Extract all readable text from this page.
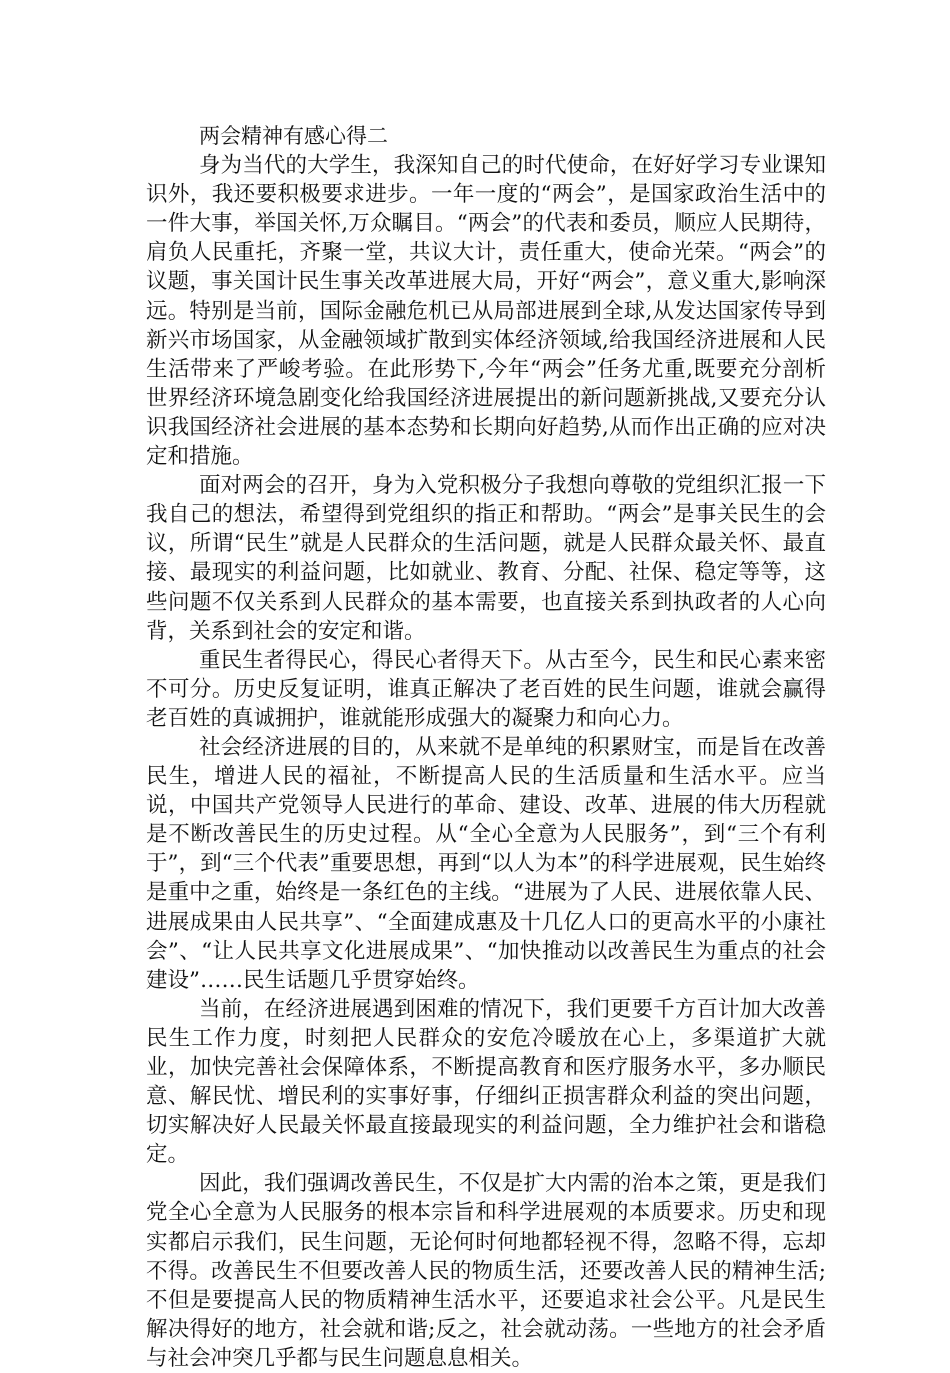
两会精神有感心得二

身为当代的大学生，我深知自己的时代使命，在好好学习专业课知识外，我还要积极要求进步。一年一度的“两会”，是国家政治生活中的一件大事，举国关怀,万众瞩目。“两会”的代表和委员，顺应人民期待，肩负人民重托，齐聚一堂，共议大计，责任重大，使命光荣。“两会”的议题，事关国计民生事关改革进展大局，开好“两会”，意义重大,影响深远。特别是当前，国际金融危机已从局部进展到全球,从发达国家传导到新兴市场国家，从金融领域扩散到实体经济领域,给我国经济进展和人民生活带来了严峻考验。在此形势下,今年“两会”任务尤重,既要充分剖析世界经济环境急剧变化给我国经济进展提出的新问题新挑战,又要充分认识我国经济社会进展的基本态势和长期向好趋势,从而作出正确的应对决定和措施。

面对两会的召开，身为入党积极分子我想向尊敬的党组织汇报一下我自己的想法，希望得到党组织的指正和帮助。“两会”是事关民生的会议，所谓“民生”就是人民群众的生活问题，就是人民群众最关怀、最直接、最现实的利益问题，比如就业、教育、分配、社保、稳定等等，这些问题不仅关系到人民群众的基本需要，也直接关系到执政者的人心向背，关系到社会的安定和谐。

重民生者得民心，得民心者得天下。从古至今，民生和民心素来密不可分。历史反复证明，谁真正解决了老百姓的民生问题，谁就会赢得老百姓的真诚拥护，谁就能形成强大的凝聚力和向心力。

社会经济进展的目的，从来就不是单纯的积累财宝，而是旨在改善民生，增进人民的福祉，不断提高人民的生活质量和生活水平。应当说，中国共产党领导人民进行的革命、建设、改革、进展的伟大历程就是不断改善民生的历史过程。从“全心全意为人民服务”，到“三个有利于”，到“三个代表”重要思想，再到“以人为本”的科学进展观，民生始终是重中之重，始终是一条红色的主线。“进展为了人民、进展依靠人民、进展成果由人民共享”、“全面建成惠及十几亿人口的更高水平的小康社会”、“让人民共享文化进展成果”、“加快推动以改善民生为重点的社会建设”……民生话题几乎贯穿始终。

当前，在经济进展遇到困难的情况下，我们更要千方百计加大改善民生工作力度，时刻把人民群众的安危冷暖放在心上，多渠道扩大就业，加快完善社会保障体系，不断提高教育和医疗服务水平，多办顺民意、解民忧、增民利的实事好事，仔细纠正损害群众利益的突出问题，切实解决好人民最关怀最直接最现实的利益问题，全力维护社会和谐稳定。

因此，我们强调改善民生，不仅是扩大内需的治本之策，更是我们党全心全意为人民服务的根本宗旨和科学进展观的本质要求。历史和现实都启示我们，民生问题，无论何时何地都轻视不得，忽略不得，忘却不得。改善民生不但要改善人民的物质生活，还要改善人民的精神生活;不但是要提高人民的物质精神生活水平，还要追求社会公平。凡是民生解决得好的地方，社会就和谐;反之，社会就动荡。一些地方的社会矛盾与社会冲突几乎都与民生问题息息相关。
